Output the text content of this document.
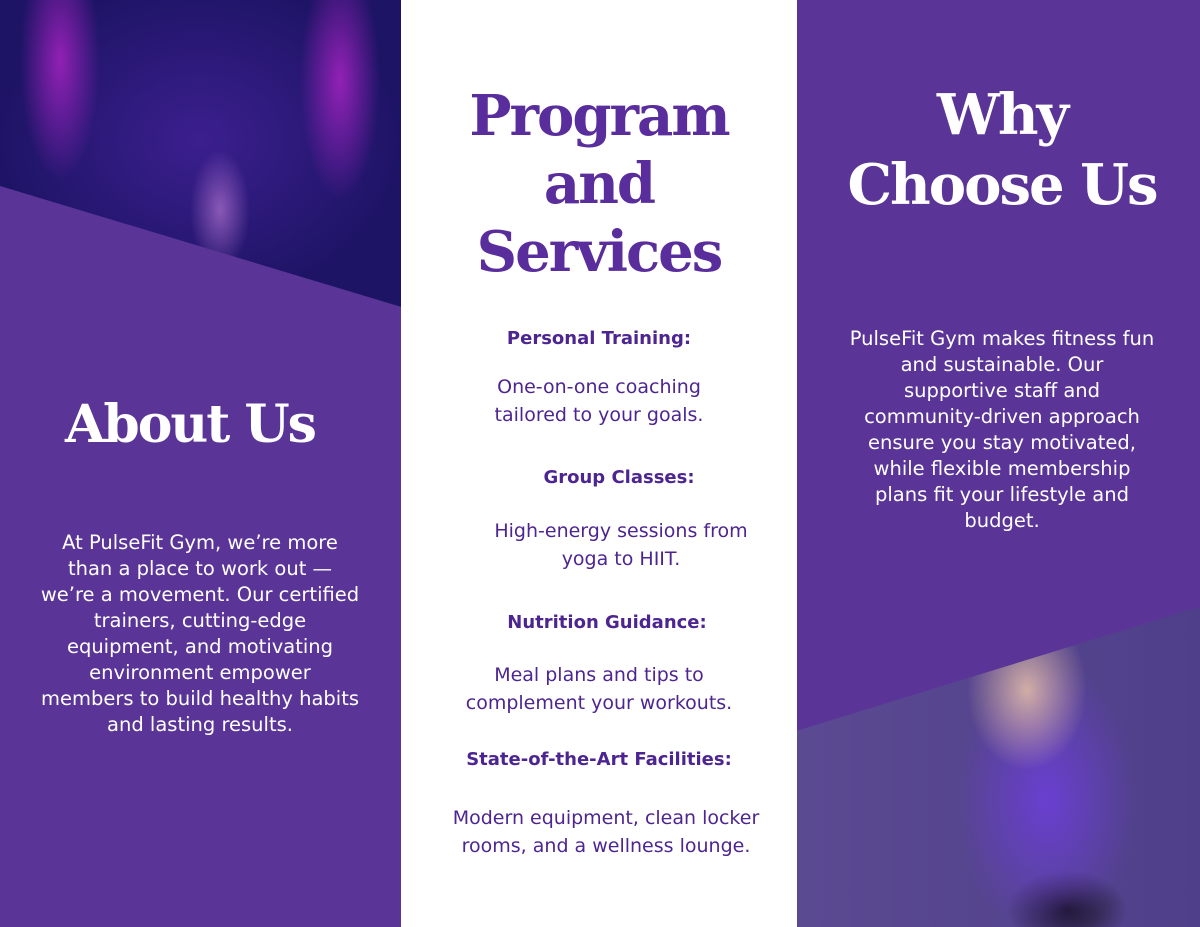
About Us
At PulseFit Gym, we’re more than a place to work out — we’re a movement. Our certified trainers, cutting-edge equipment, and motivating environment empower members to build healthy habits and lasting results.
Program
and
Services
Personal Training:
One-on-one coaching tailored to your goals.
Group Classes:
High-energy sessions from yoga to HIIT.
Nutrition Guidance:
Meal plans and tips to complement your workouts.
State-of-the-Art Facilities:
Modern equipment, clean locker rooms, and a wellness lounge.
Why
Choose Us
PulseFit Gym makes fitness fun and sustainable. Our supportive staff and community-driven approach ensure you stay motivated, while flexible membership plans fit your lifestyle and budget.
